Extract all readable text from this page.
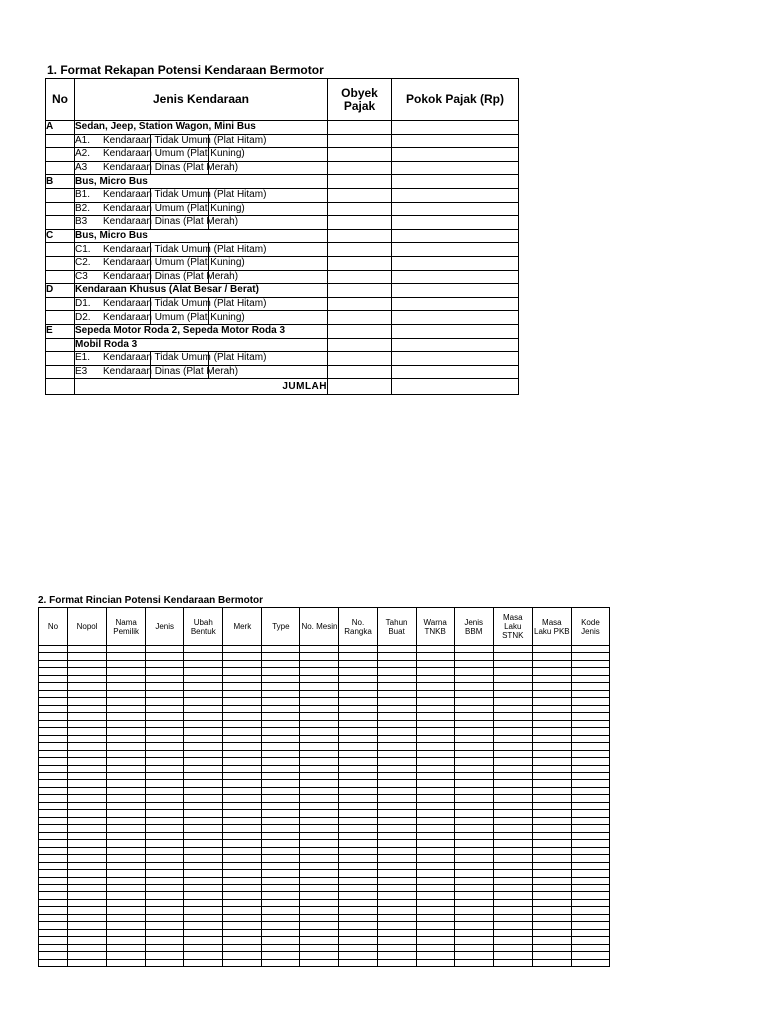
1. Format Rekapan Potensi Kendaraan Bermotor
No	Jenis Kendaraan	Obyek Pajak	Pokok Pajak (Rp)
A	Sedan, Jeep, Station Wagon, Mini Bus		
	A1. Kendaraan Tidak Umum (Plat Hitam)

	A2. Kendaraan Umum (Plat Kuning)

	A3 Kendaraan Dinas (Plat Merah)

B	Bus, Micro Bus		
	B1. Kendaraan Tidak Umum (Plat Hitam)

	B2. Kendaraan Umum (Plat Kuning)

	B3 Kendaraan Dinas (Plat Merah)

C	Bus, Micro Bus		
	C1. Kendaraan Tidak Umum (Plat Hitam)

	C2. Kendaraan Umum (Plat Kuning)

	C3 Kendaraan Dinas (Plat Merah)

D	Kendaraan Khusus (Alat Besar / Berat)		
	D1. Kendaraan Tidak Umum (Plat Hitam)

	D2. Kendaraan Umum (Plat Kuning)

E	Sepeda Motor Roda 2, Sepeda Motor Roda 3		
	Mobil Roda 3		
	E1. Kendaraan Tidak Umum (Plat Hitam)

	E3 Kendaraan Dinas (Plat Merah)

	JUMLAH		
2. Format Rincian Potensi Kendaraan Bermotor
No	Nopol	Nama Pemilik	Jenis	Ubah Bentuk	Merk	Type	No. Mesin	No. Rangka	Tahun Buat	Warna TNKB	Jenis BBM	Masa Laku STNK	Masa Laku PKB	Kode Jenis
